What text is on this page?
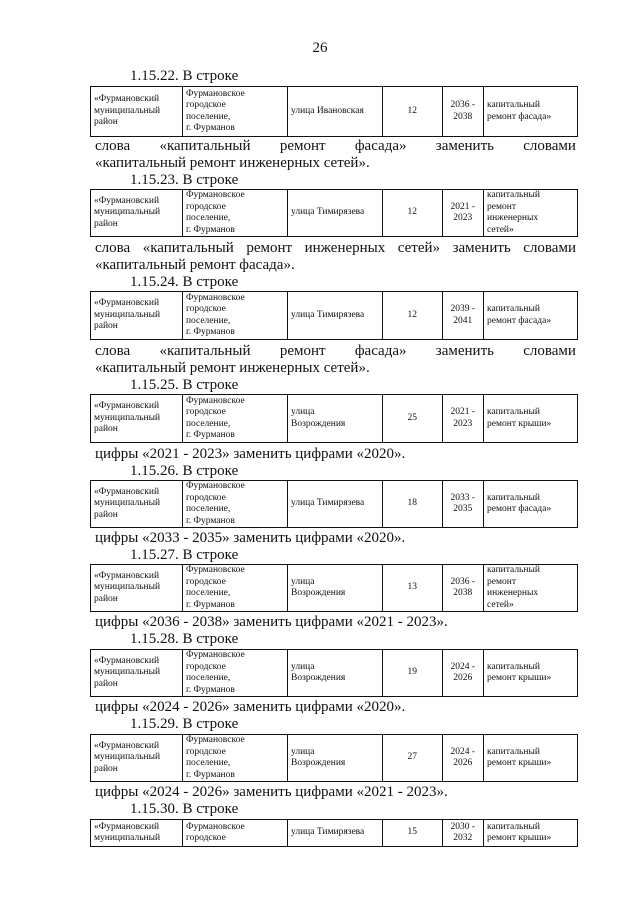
26
1.15.22. В строке
«Фурмановский
муниципальный
район

Фурмановское
городское
поселение,
г. Фурманов

улица Ивановская	12

2036 -
2038

капитальный
ремонт фасада»
слова «капитальный ремонт фасада» заменить словами
«капитальный ремонт инженерных сетей».
1.15.23. В строке
«Фурмановский
муниципальный
район

Фурмановское
городское
поселение,
г. Фурманов

улица Тимирязева	12

2021 -
2023

капитальный
ремонт
инженерных
сетей»
слова «капитальный ремонт инженерных сетей» заменить словами
«капитальный ремонт фасада».
1.15.24. В строке
«Фурмановский
муниципальный
район

Фурмановское
городское
поселение,
г. Фурманов

улица Тимирязева	12

2039 -
2041

капитальный
ремонт фасада»
слова «капитальный ремонт фасада» заменить словами
«капитальный ремонт инженерных сетей».
1.15.25. В строке
«Фурмановский
муниципальный
район

Фурмановское
городское
поселение,
г. Фурманов

улица
Возрождения

25

2021 -
2023

капитальный
ремонт крыши»
цифры «2021 - 2023» заменить цифрами «2020».
1.15.26. В строке
«Фурмановский
муниципальный
район

Фурмановское
городское
поселение,
г. Фурманов

улица Тимирязева	18

2033 -
2035

капитальный
ремонт фасада»
цифры «2033 - 2035» заменить цифрами «2020».
1.15.27. В строке
«Фурмановский
муниципальный
район

Фурмановское
городское
поселение,
г. Фурманов

улица
Возрождения

13

2036 -
2038

капитальный
ремонт
инженерных
сетей»
цифры «2036 - 2038» заменить цифрами «2021 - 2023».
1.15.28. В строке
«Фурмановский
муниципальный
район

Фурмановское
городское
поселение,
г. Фурманов

улица
Возрождения

19

2024 -
2026

капитальный
ремонт крыши»
цифры «2024 - 2026» заменить цифрами «2020».
1.15.29. В строке
«Фурмановский
муниципальный
район

Фурмановское
городское
поселение,
г. Фурманов

улица
Возрождения

27

2024 -
2026

капитальный
ремонт крыши»
цифры «2024 - 2026» заменить цифрами «2021 - 2023».
1.15.30. В строке
«Фурмановский
муниципальный

Фурмановское
городское

улица Тимирязева	15

2030 -
2032

капитальный
ремонт крыши»
